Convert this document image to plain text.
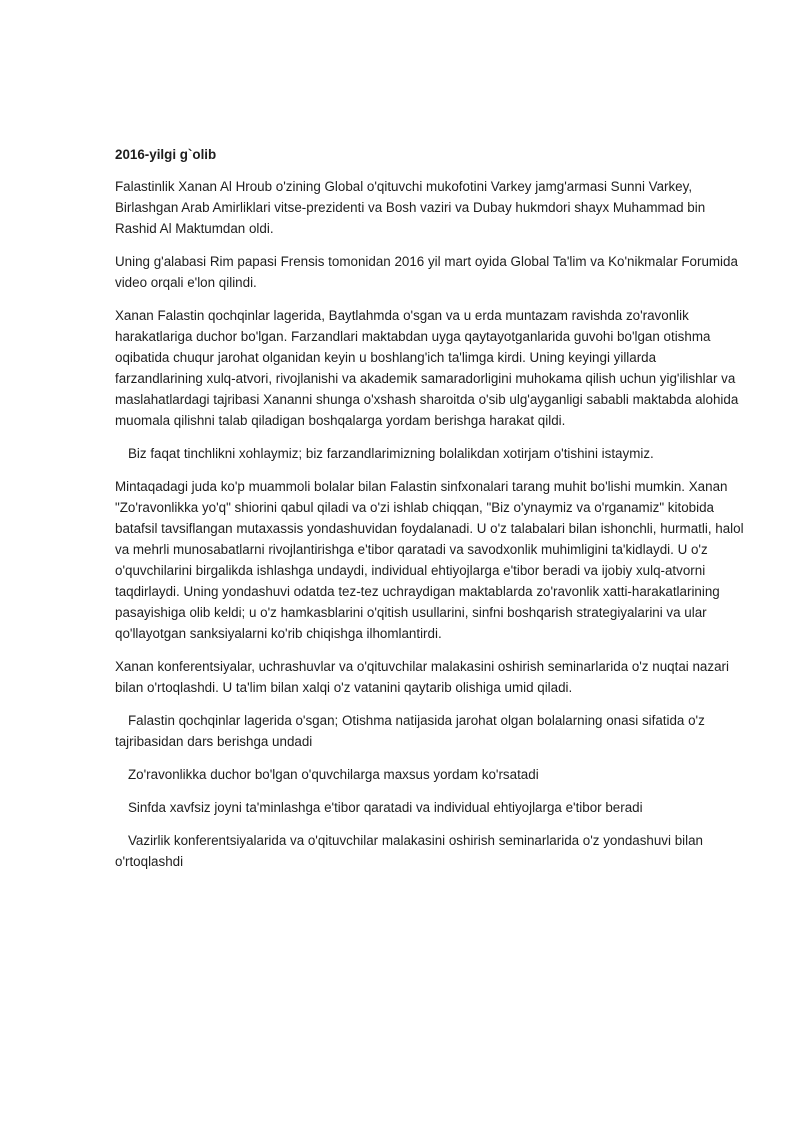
2016-yilgi g`olib

Falastinlik Xanan Al Hroub o'zining Global o'qituvchi mukofotini Varkey jamg'armasi Sunni Varkey, Birlashgan Arab Amirliklari vitse-prezidenti va Bosh vaziri va Dubay hukmdori shayx Muhammad bin Rashid Al Maktumdan oldi.

Uning g'alabasi Rim papasi Frensis tomonidan 2016 yil mart oyida Global Ta'lim va Ko'nikmalar Forumida video orqali e'lon qilindi.

Xanan Falastin qochqinlar lagerida, Baytlahmda o'sgan va u erda muntazam ravishda zo'ravonlik harakatlariga duchor bo'lgan. Farzandlari maktabdan uyga qaytayotganlarida guvohi bo'lgan otishma oqibatida chuqur jarohat olganidan keyin u boshlang'ich ta'limga kirdi. Uning keyingi yillarda farzandlarining xulq-atvori, rivojlanishi va akademik samaradorligini muhokama qilish uchun yig'ilishlar va maslahatlardagi tajribasi Xananni shunga o'xshash sharoitda o'sib ulg'ayganligi sababli maktabda alohida muomala qilishni talab qiladigan boshqalarga yordam berishga harakat qildi.

Biz faqat tinchlikni xohlaymiz; biz farzandlarimizning bolalikdan xotirjam o'tishini istaymiz.

Mintaqadagi juda ko'p muammoli bolalar bilan Falastin sinfxonalari tarang muhit bo'lishi mumkin. Xanan "Zo'ravonlikka yo'q" shiorini qabul qiladi va o'zi ishlab chiqqan, "Biz o'ynaymiz va o'rganamiz" kitobida batafsil tavsiflangan mutaxassis yondashuvidan foydalanadi. U o'z talabalari bilan ishonchli, hurmatli, halol va mehrli munosabatlarni rivojlantirishga e'tibor qaratadi va savodxonlik muhimligini ta'kidlaydi. U o'z o'quvchilarini birgalikda ishlashga undaydi, individual ehtiyojlarga e'tibor beradi va ijobiy xulq-atvorni taqdirlaydi. Uning yondashuvi odatda tez-tez uchraydigan maktablarda zo'ravonlik xatti-harakatlarining pasayishiga olib keldi; u o'z hamkasblarini o'qitish usullarini, sinfni boshqarish strategiyalarini va ular qo'llayotgan sanksiyalarni ko'rib chiqishga ilhomlantirdi.

Xanan konferentsiyalar, uchrashuvlar va o'qituvchilar malakasini oshirish seminarlarida o'z nuqtai nazari bilan o'rtoqlashdi. U ta'lim bilan xalqi o'z vatanini qaytarib olishiga umid qiladi.

Falastin qochqinlar lagerida o'sgan; Otishma natijasida jarohat olgan bolalarning onasi sifatida o'z tajribasidan dars berishga undadi

Zo'ravonlikka duchor bo'lgan o'quvchilarga maxsus yordam ko'rsatadi

Sinfda xavfsiz joyni ta'minlashga e'tibor qaratadi va individual ehtiyojlarga e'tibor beradi

Vazirlik konferentsiyalarida va o'qituvchilar malakasini oshirish seminarlarida o'z yondashuvi bilan o'rtoqlashdi
